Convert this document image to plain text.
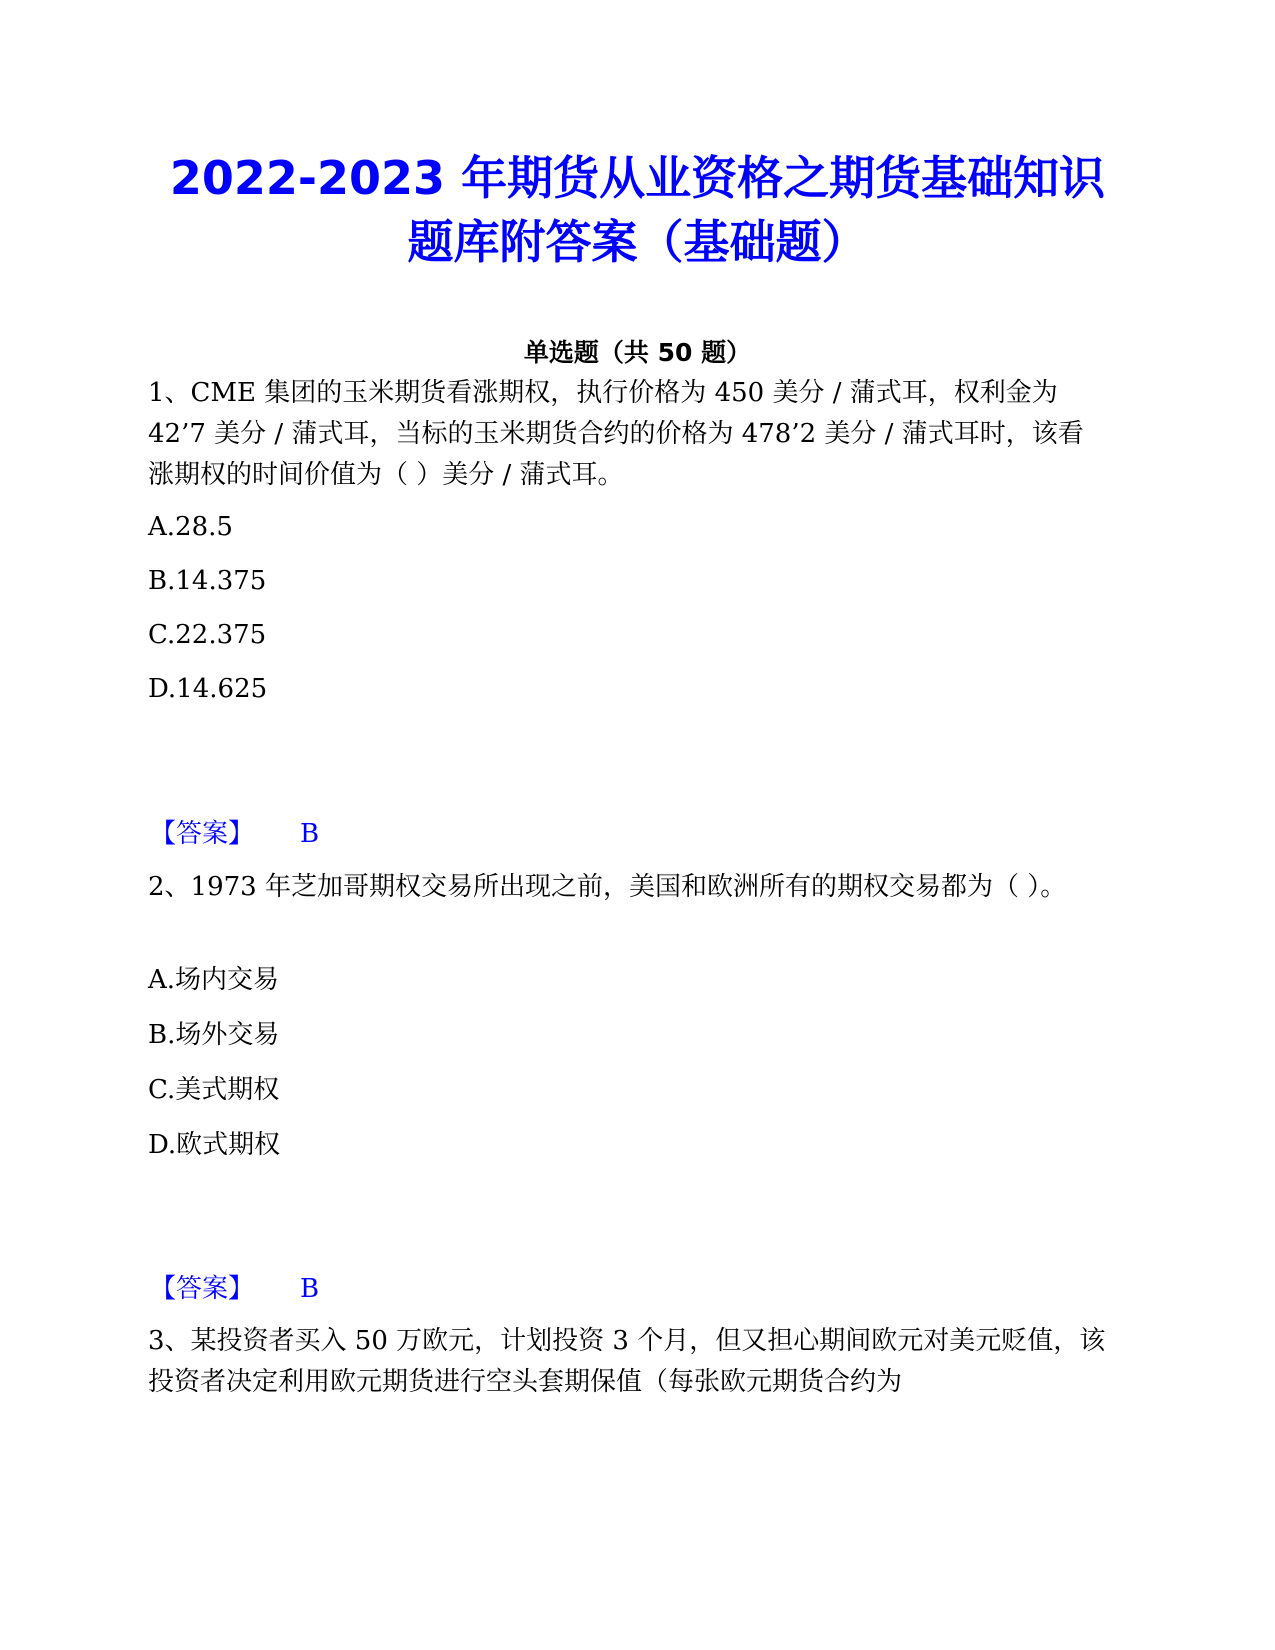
2022-2023 年期货从业资格之期货基础知识
题库附答案（基础题）
单选题（共 50 题）

1、CME 集团的玉米期货看涨期权，执行价格为 450 美分 / 蒲式耳，权利金为 42’7 美分 / 蒲式耳，当标的玉米期货合约的价格为 478’2 美分 / 蒲式耳时，该看涨期权的时间价值为（ ）美分 / 蒲式耳。

A.28.5

B.14.375

C.22.375

D.14.625

【答案】 B

2、1973 年芝加哥期权交易所出现之前，美国和欧洲所有的期权交易都为（ ）。

A.场内交易

B.场外交易

C.美式期权

D.欧式期权

【答案】 B

3、某投资者买入 50 万欧元，计划投资 3 个月，但又担心期间欧元对美元贬值，该投资者决定利用欧元期货进行空头套期保值（每张欧元期货合约为
